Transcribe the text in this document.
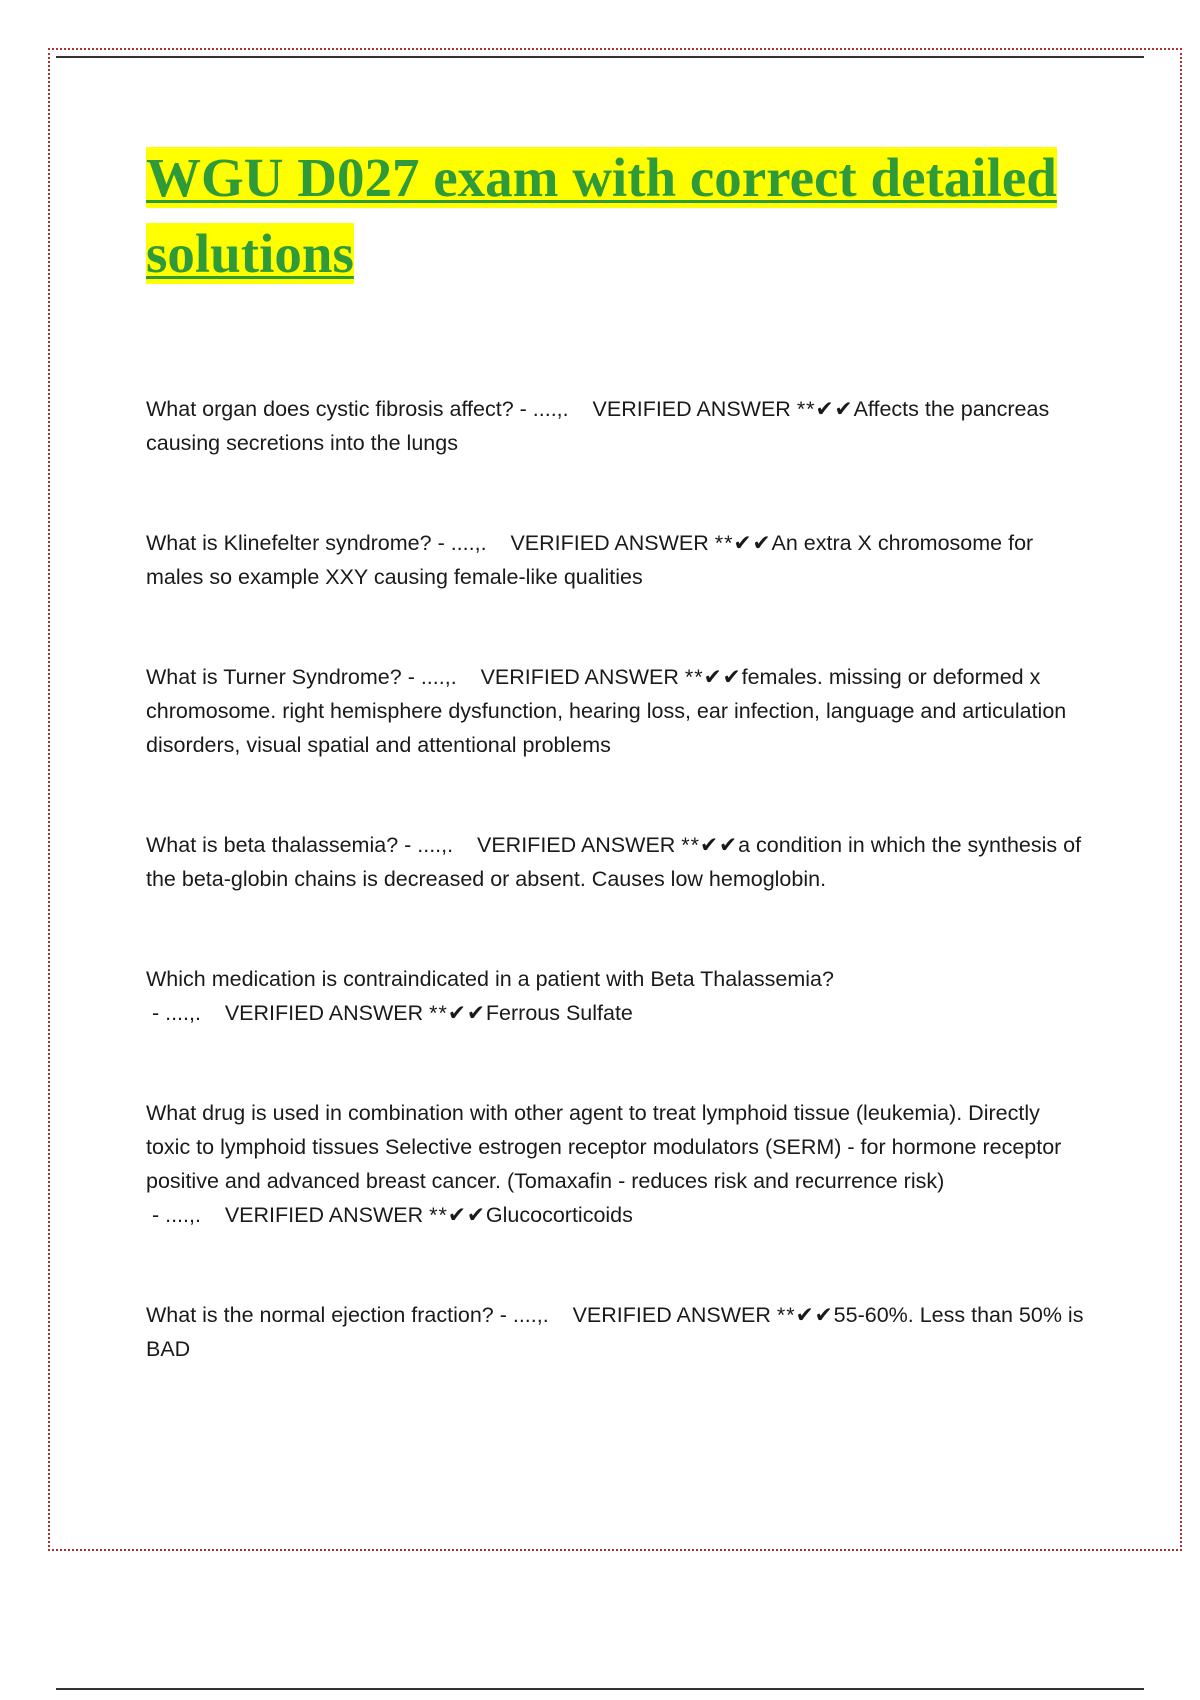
WGU D027 exam with correct detailed
solutions

What organ does cystic fibrosis affect? - ....,.    VERIFIED ANSWER **✔✔Affects the pancreas causing secretions into the lungs

What is Klinefelter syndrome? - ....,.    VERIFIED ANSWER **✔✔An extra X chromosome for males so example XXY causing female-like qualities

What is Turner Syndrome? - ....,.    VERIFIED ANSWER **✔✔females. missing or deformed x chromosome. right hemisphere dysfunction, hearing loss, ear infection, language and articulation disorders, visual spatial and attentional problems

What is beta thalassemia? - ....,.    VERIFIED ANSWER **✔✔a condition in which the synthesis of the beta-globin chains is decreased or absent. Causes low hemoglobin.

Which medication is contraindicated in a patient with Beta Thalassemia? - ....,.    VERIFIED ANSWER **✔✔Ferrous Sulfate

What drug is used in combination with other agent to treat lymphoid tissue (leukemia). Directly toxic to lymphoid tissues Selective estrogen receptor modulators (SERM) - for hormone receptor positive and advanced breast cancer. (Tomaxafin - reduces risk and recurrence risk) - ....,.    VERIFIED ANSWER **✔✔Glucocorticoids

What is the normal ejection fraction? - ....,.    VERIFIED ANSWER **✔✔55-60%. Less than 50% is BAD
